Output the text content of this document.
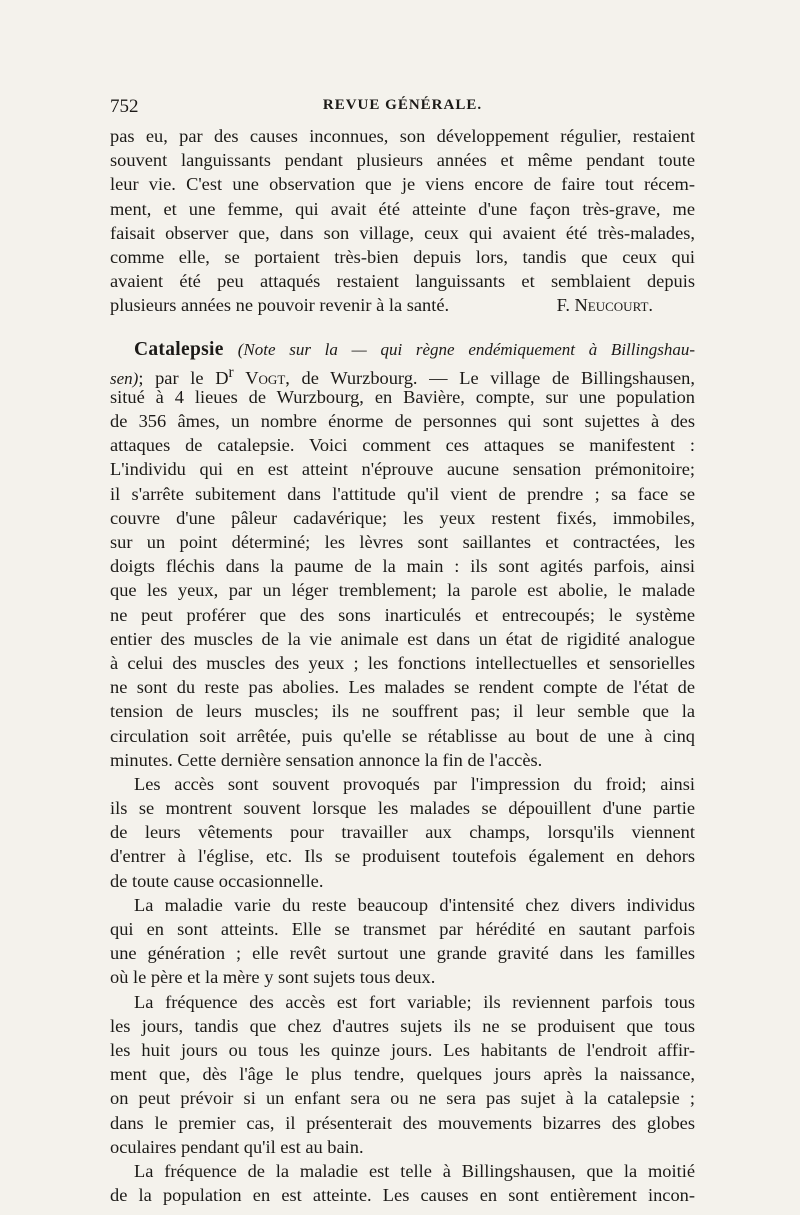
752	REVUE GÉNÉRALE.
pas eu, par des causes inconnues, son développement régulier, restaient
souvent languissants pendant plusieurs années et même pendant toute
leur vie. C'est une observation que je viens encore de faire tout récem-
ment, et une femme, qui avait été atteinte d'une façon très-grave, me
faisait observer que, dans son village, ceux qui avaient été très-malades,
comme elle, se portaient très-bien depuis lors, tandis que ceux qui
avaient été peu attaqués restaient languissants et semblaient depuis
plusieurs années ne pouvoir revenir à la santé.	F. Neucourt.
Catalepsie (Note sur la — qui règne endémiquement à Billingshau-
sen); par le $D^r$ Vogt, de Wurzbourg. — Le village de Billingshausen,
situé à 4 lieues de Wurzbourg, en Bavière, compte, sur une population
de 356 âmes, un nombre énorme de personnes qui sont sujettes à des
attaques de catalepsie. Voici comment ces attaques se manifestent :
L'individu qui en est atteint n'éprouve aucune sensation prémonitoire;
il s'arrête subitement dans l'attitude qu'il vient de prendre ; sa face se
couvre d'une pâleur cadavérique; les yeux restent fixés, immobiles,
sur un point déterminé; les lèvres sont saillantes et contractées, les
doigts fléchis dans la paume de la main : ils sont agités parfois, ainsi
que les yeux, par un léger tremblement; la parole est abolie, le malade
ne peut proférer que des sons inarticulés et entrecoupés; le système
entier des muscles de la vie animale est dans un état de rigidité analogue
à celui des muscles des yeux ; les fonctions intellectuelles et sensorielles
ne sont du reste pas abolies. Les malades se rendent compte de l'état de
tension de leurs muscles; ils ne souffrent pas; il leur semble que la
circulation soit arrêtée, puis qu'elle se rétablisse au bout de une à cinq
minutes. Cette dernière sensation annonce la fin de l'accès.
Les accès sont souvent provoqués par l'impression du froid; ainsi
ils se montrent souvent lorsque les malades se dépouillent d'une partie
de leurs vêtements pour travailler aux champs, lorsqu'ils viennent
d'entrer à l'église, etc. Ils se produisent toutefois également en dehors
de toute cause occasionnelle.
La maladie varie du reste beaucoup d'intensité chez divers individus
qui en sont atteints. Elle se transmet par hérédité en sautant parfois
une génération ; elle revêt surtout une grande gravité dans les familles
où le père et la mère y sont sujets tous deux.
La fréquence des accès est fort variable; ils reviennent parfois tous
les jours, tandis que chez d'autres sujets ils ne se produisent que tous
les huit jours ou tous les quinze jours. Les habitants de l'endroit affir-
ment que, dès l'âge le plus tendre, quelques jours après la naissance,
on peut prévoir si un enfant sera ou ne sera pas sujet à la catalepsie ;
dans le premier cas, il présenterait des mouvements bizarres des globes
oculaires pendant qu'il est au bain.
La fréquence de la maladie est telle à Billingshausen, que la moitié
de la population en est atteinte. Les causes en sont entièrement incon-
